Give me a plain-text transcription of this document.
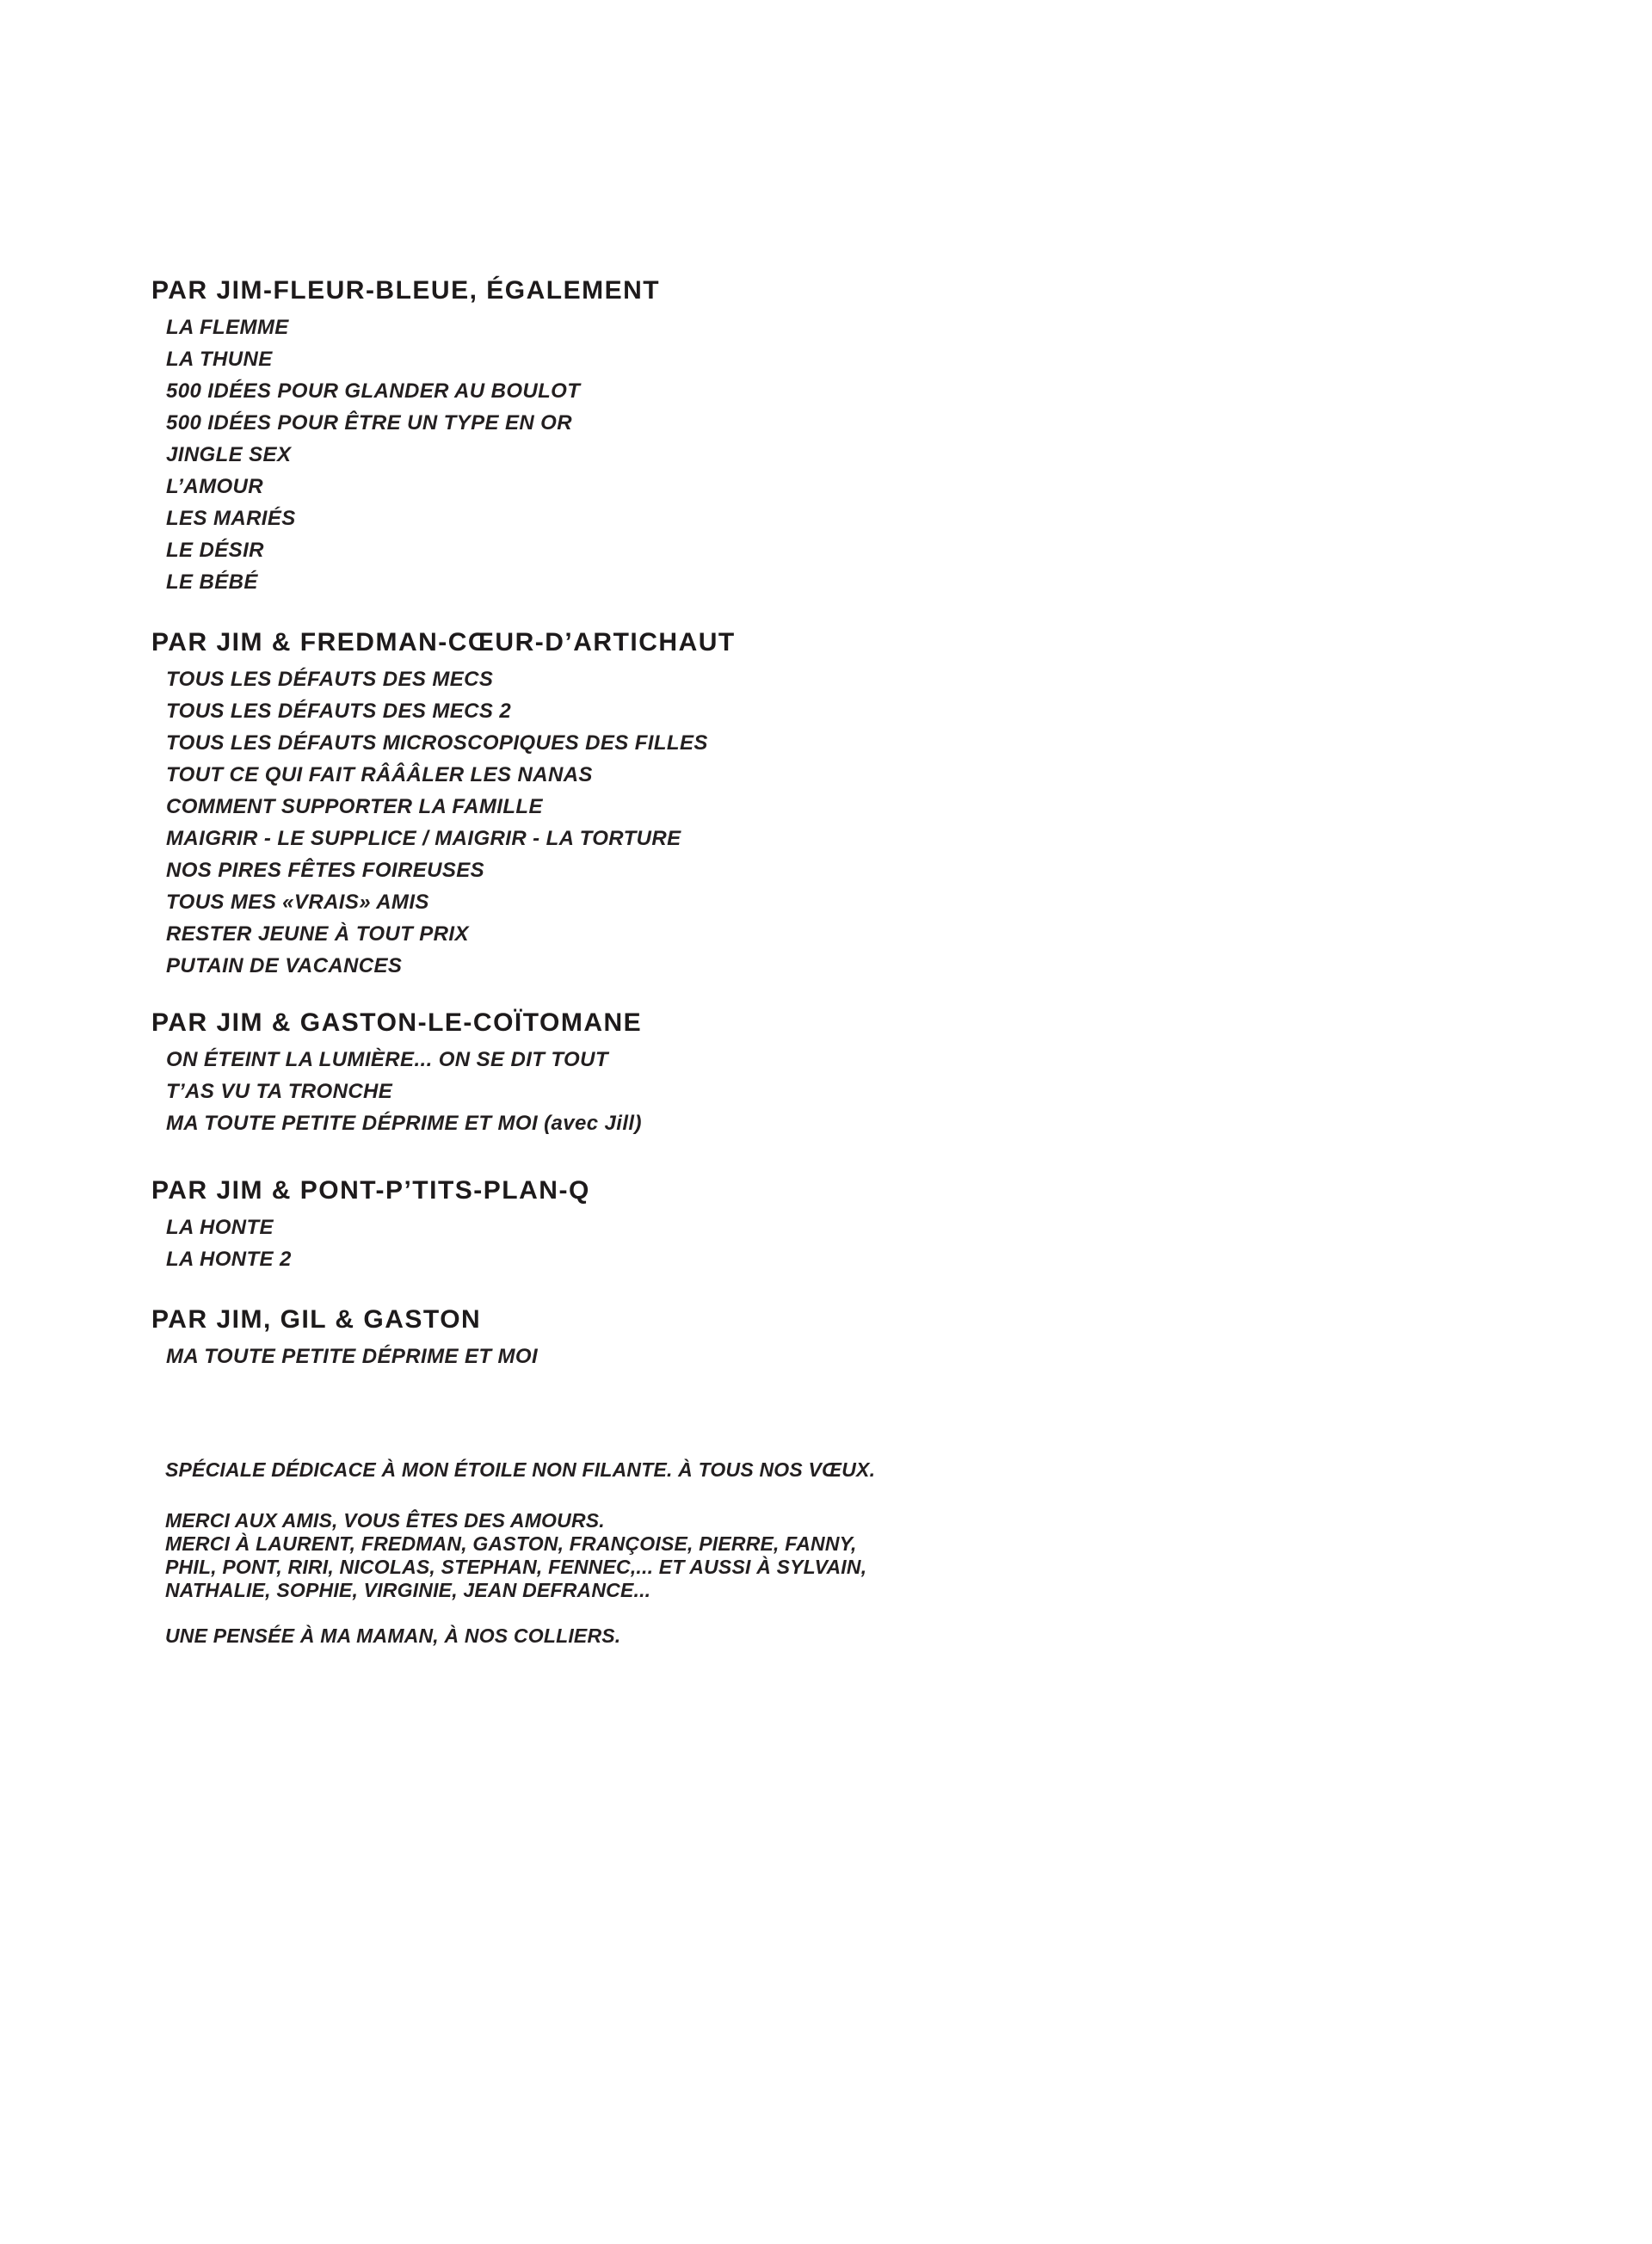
PAR JIM-FLEUR-BLEUE, ÉGALEMENT
LA FLEMME
LA THUNE
500 IDÉES POUR GLANDER AU BOULOT
500 IDÉES POUR ÊTRE UN TYPE EN OR
JINGLE SEX
L’AMOUR
LES MARIÉS
LE DÉSIR
LE BÉBÉ
PAR JIM & FREDMAN-CŒUR-D’ARTICHAUT
TOUS LES DÉFAUTS DES MECS
TOUS LES DÉFAUTS DES MECS 2
TOUS LES DÉFAUTS MICROSCOPIQUES DES FILLES
TOUT CE QUI FAIT RÂÂÂLER LES NANAS
COMMENT SUPPORTER LA FAMILLE
MAIGRIR - LE SUPPLICE / MAIGRIR - LA TORTURE
NOS PIRES FÊTES FOIREUSES
TOUS MES «VRAIS» AMIS
RESTER JEUNE À TOUT PRIX
PUTAIN DE VACANCES
PAR JIM & GASTON-LE-COÏTOMANE
ON ÉTEINT LA LUMIÈRE... ON SE DIT TOUT
T’AS VU TA TRONCHE
MA TOUTE PETITE DÉPRIME ET MOI (avec Jill)
PAR JIM & PONT-P’TITS-PLAN-Q
LA HONTE
LA HONTE 2
PAR JIM, GIL & GASTON
MA TOUTE PETITE DÉPRIME ET MOI

SPÉCIALE DÉDICACE À MON ÉTOILE NON FILANTE. À TOUS NOS VŒUX.

MERCI AUX AMIS, VOUS ÊTES DES AMOURS.

MERCI À LAURENT, FREDMAN, GASTON, FRANÇOISE, PIERRE, FANNY,

PHIL, PONT, RIRI, NICOLAS, STEPHAN, FENNEC,... ET AUSSI À SYLVAIN,

NATHALIE, SOPHIE, VIRGINIE, JEAN DEFRANCE...

UNE PENSÉE À MA MAMAN, À NOS COLLIERS.
